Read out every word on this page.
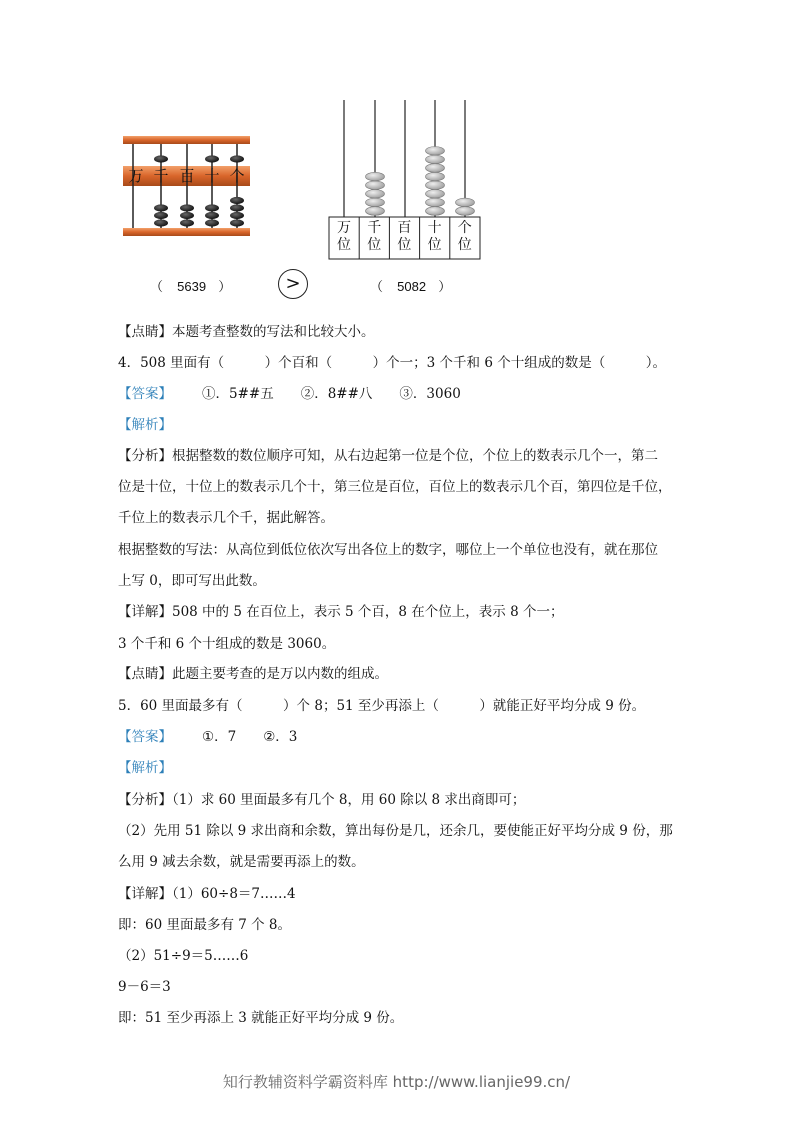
万 千 百 十 个
万
位
千
位
百
位
十
位
个
位
（ 5639 ）	>	（ 5082 ）
【点睛】本题考查整数的写法和比较大小。
4．508 里面有（　　　）个百和（　　　）个一；3 个千和 6 个十组成的数是（　　　）。
【答案】 ①．5##五　　②．8##八　　③．3060
【解析】
【分析】根据整数的数位顺序可知，从右边起第一位是个位，个位上的数表示几个一，第二
位是十位，十位上的数表示几个十，第三位是百位，百位上的数表示几个百，第四位是千位，
千位上的数表示几个千，据此解答。
根据整数的写法：从高位到低位依次写出各位上的数字，哪位上一个单位也没有，就在那位
上写 0，即可写出此数。
【详解】508 中的 5 在百位上，表示 5 个百，8 在个位上，表示 8 个一；
3 个千和 6 个十组成的数是 3060。
【点睛】此题主要考查的是万以内数的组成。
5．60 里面最多有（　　　）个 8；51 至少再添上（　　　）就能正好平均分成 9 份。
【答案】 ①．7　　②．3
【解析】
【分析】（1）求 60 里面最多有几个 8，用 60 除以 8 求出商即可；
（2）先用 51 除以 9 求出商和余数，算出每份是几，还余几，要使能正好平均分成 9 份，那
么用 9 减去余数，就是需要再添上的数。
【详解】（1）60÷8＝7……4
即：60 里面最多有 7 个 8。
（2）51÷9＝5……6
9－6＝3
即：51 至少再添上 3 就能正好平均分成 9 份。
知行教辅资料学霸资料库 http://www.lianjie99.cn/
